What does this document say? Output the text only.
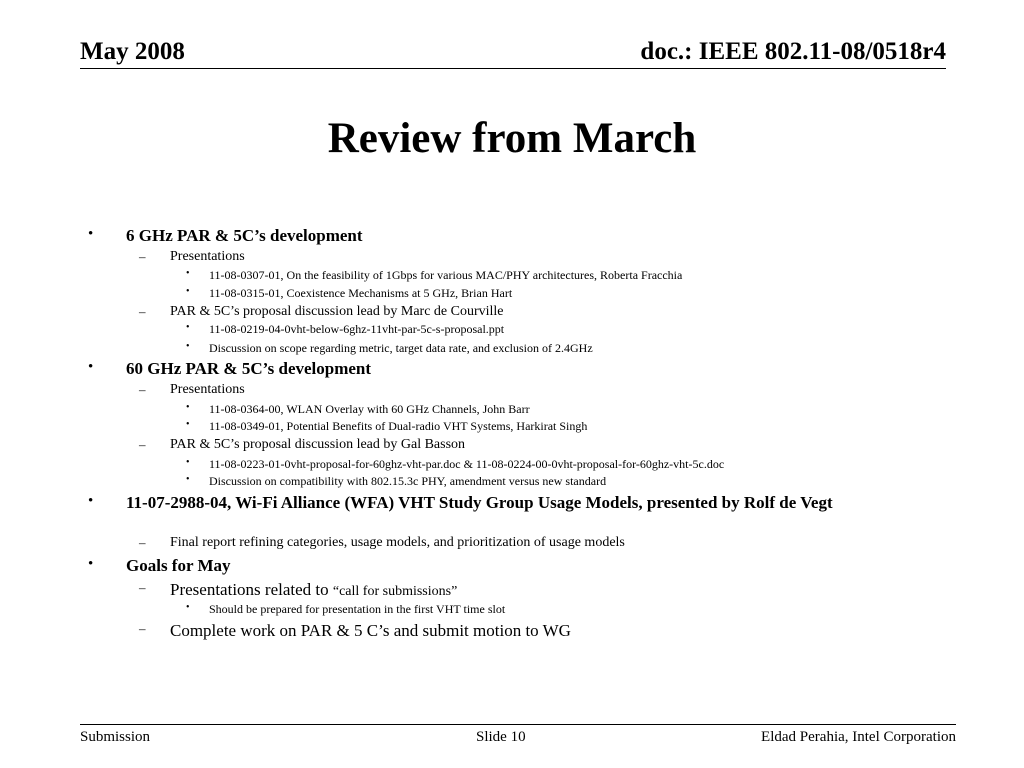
May 2008	doc.: IEEE 802.11-08/0518r4
Review from March
• 6 GHz PAR & 5C’s development
– Presentations
• 11-08-0307-01, On the feasibility of 1Gbps for various MAC/PHY architectures, Roberta Fracchia
• 11-08-0315-01, Coexistence Mechanisms at 5 GHz, Brian Hart
– PAR & 5C’s proposal discussion lead by Marc de Courville
• 11-08-0219-04-0vht-below-6ghz-11vht-par-5c-s-proposal.ppt
• Discussion on scope regarding metric, target data rate, and exclusion of 2.4GHz
• 60 GHz PAR & 5C’s development
– Presentations
• 11-08-0364-00, WLAN Overlay with 60 GHz Channels, John Barr
• 11-08-0349-01, Potential Benefits of Dual-radio VHT Systems, Harkirat Singh
– PAR & 5C’s proposal discussion lead by Gal Basson
• 11-08-0223-01-0vht-proposal-for-60ghz-vht-par.doc & 11-08-0224-00-0vht-proposal-for-60ghz-vht-5c.doc
• Discussion on compatibility with 802.15.3c PHY, amendment versus new standard
• 11-07-2988-04, Wi-Fi Alliance (WFA) VHT Study Group Usage Models, presented by Rolf de Vegt
– Final report refining categories, usage models, and prioritization of usage models
• Goals for May
– Presentations related to “call for submissions”
• Should be prepared for presentation in the first VHT time slot
– Complete work on PAR & 5 C’s and submit motion to WG
Submission	Slide 10	Eldad Perahia, Intel Corporation
